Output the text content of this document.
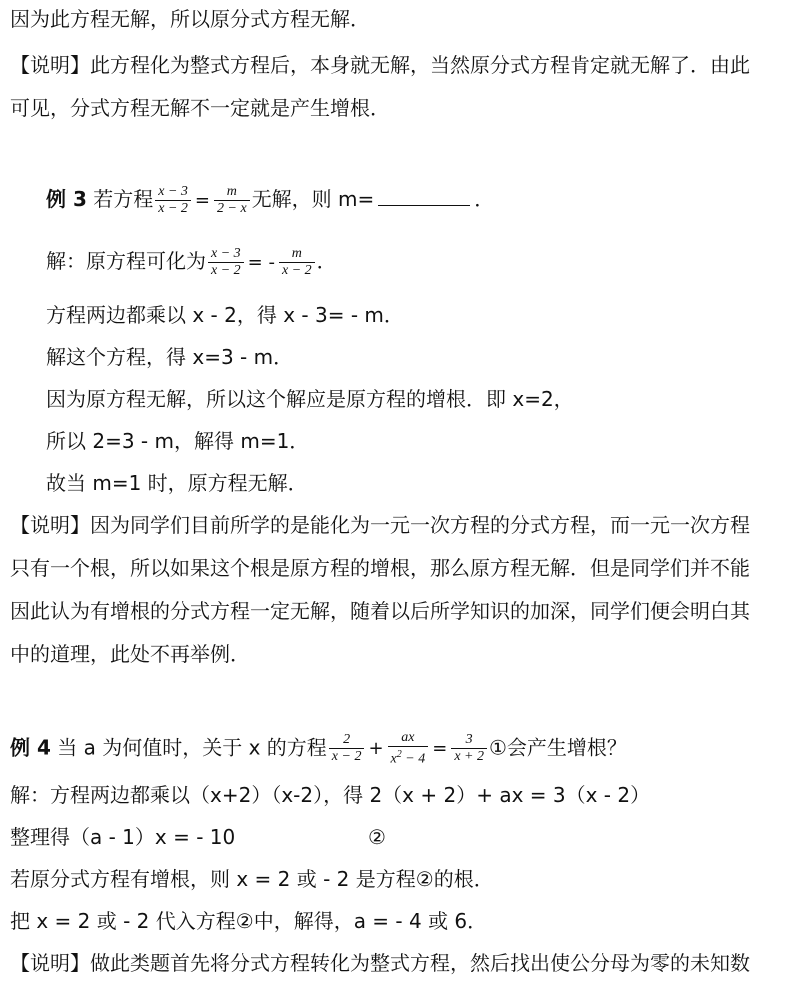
因为此方程无解，所以原分式方程无解．
【说明】此方程化为整式方程后，本身就无解，当然原分式方程肯定就无解了．由此
可见，分式方程无解不一定就是产生增根．
例 3 若方程 $\frac{x - 3}{x - 2} = \frac{m}{2 - x}$ 无解，则 m=	．
解：原方程可化为 $\frac{x - 3}{x - 2}$ = - $\frac{m}{x - 2}$ ．
方程两边都乘以 x - 2，得 x - 3= - m．
解这个方程，得 x=3 - m．
因为原方程无解，所以这个解应是原方程的增根．即 x=2，
所以 2=3 - m，解得 m=1．
故当 m=1 时，原方程无解．
【说明】因为同学们目前所学的是能化为一元一次方程的分式方程，而一元一次方程
只有一个根，所以如果这个根是原方程的增根，那么原方程无解．但是同学们并不能
因此认为有增根的分式方程一定无解，随着以后所学知识的加深，同学们便会明白其
中的道理，此处不再举例．
例 4 当 a 为何值时，关于 x 的方程 $\frac{2}{x - 2} + \frac{ax}{x^2 - 4} = \frac{3}{x + 2}$ ①会产生增根？
解：方程两边都乘以（x+2）（x-2），得 2（x + 2）+ ax = 3（x - 2）
整理得（a - 1）x = - 10	②
若原分式方程有增根，则 x = 2 或 - 2 是方程②的根．
把 x = 2 或 - 2 代入方程②中，解得，a = - 4 或 6．
【说明】做此类题首先将分式方程转化为整式方程，然后找出使公分母为零的未知数
